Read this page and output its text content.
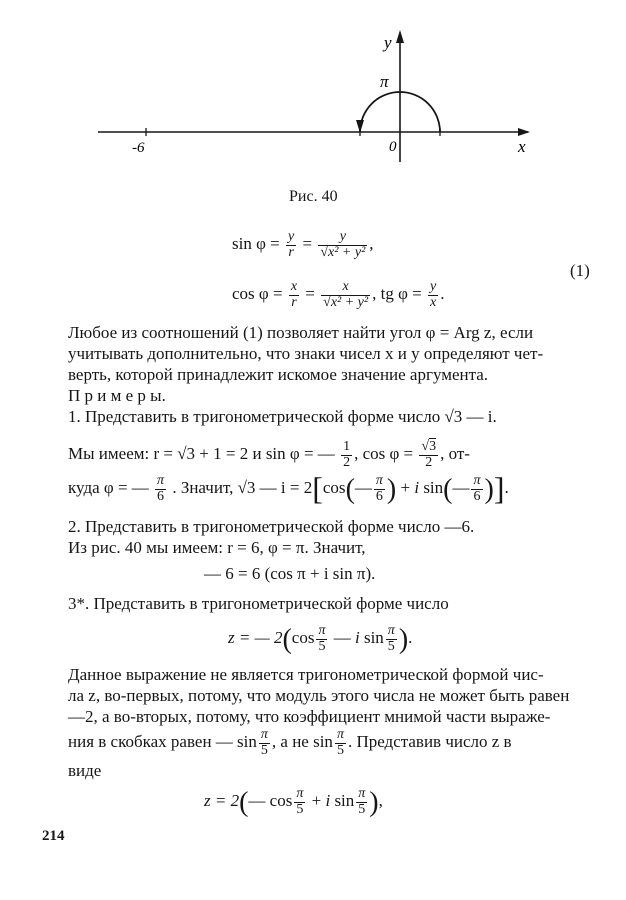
y
π
x
-6	0
Рис. 40
$\sin \varphi = \frac{y}{r} = \frac{y}{\text{√x² + y²}}$ ,
(1)
$\cos \varphi = \frac{x}{r} = \frac{x}{\text{√x² + y²}}$ , tg $\varphi = \frac{y}{x}$ .
Любое из соотношений (1) позволяет найти угол φ = Arg z, если
учитывать дополнительно, что знаки чисел x и y определяют чет-
верть, которой принадлежит искомое значение аргумента.
П р и м е р ы.
1. Представить в тригонометрической форме число √3 — i.
Мы имеем: r = √3 + 1 = 2 и sin φ = — $\frac{1}{2}$ , $\cos \varphi = \frac{√3}{2}$ , от-
куда φ = — $\frac{\pi}{6}$ . Значит, √3 — i = 2[cos(— $\frac{\pi}{6}$ ) + i sin(— $\frac{\pi}{6}$ )].
2. Представить в тригонометрической форме число —6.
Из рис. 40 мы имеем: r = 6, φ = π. Значит,
— 6 = 6 (cos π + i sin π).
3*. Представить в тригонометрической форме число
z = — $2(\cos \frac{\pi}{5}$ — i $\sin \frac{\pi}{5}$ ).
Данное выражение не является тригонометрической формой чис-
ла z, во-первых, потому, что модуль этого числа не может быть равен
—2, а во-вторых, потому, что коэффициент мнимой части выраже-
ния в скобках равен — $\sin \frac{\pi}{5}$ , а не $\sin \frac{\pi}{5}$ . Представив число z в
виде
z = 2(— $\cos \frac{\pi}{5} + i$ $\sin \frac{\pi}{5}$ ),
214
